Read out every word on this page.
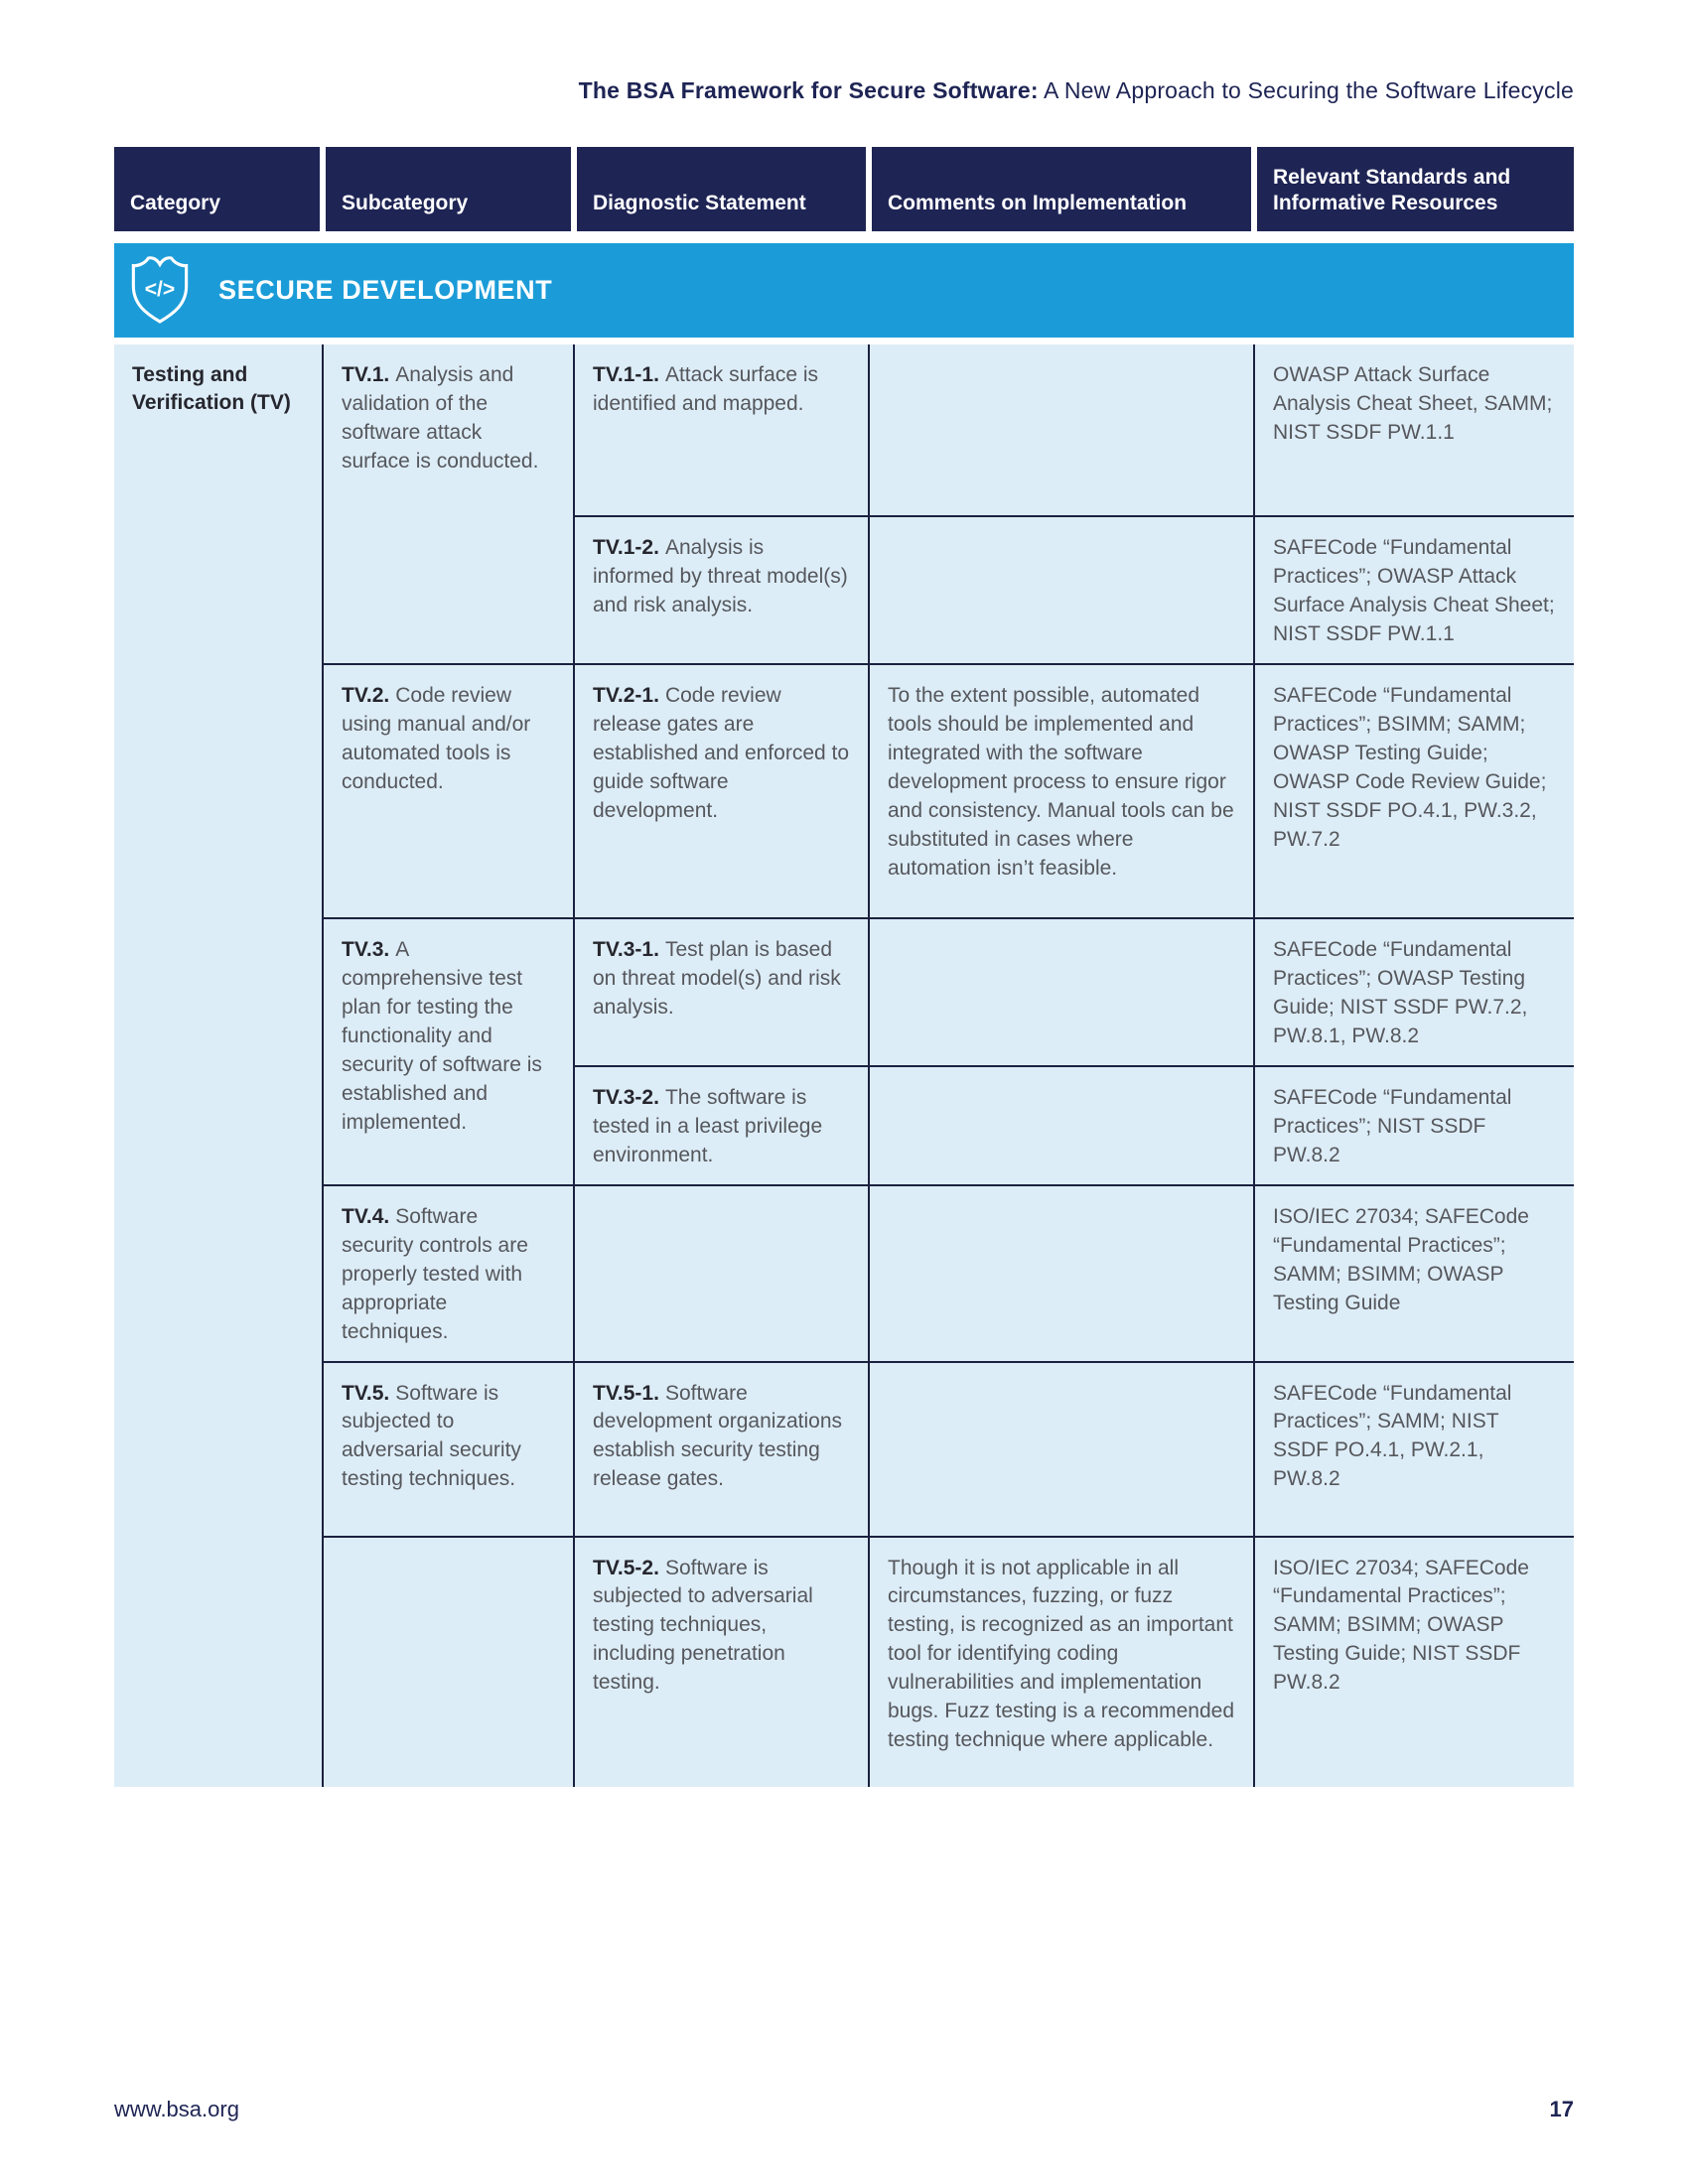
The BSA Framework for Secure Software: A New Approach to Securing the Software Lifecycle
Category	Subcategory	Diagnostic Statement	Comments on Implementation	Relevant Standards and Informative Resources
</> SECURE DEVELOPMENT
Testing and Verification (TV)	TV.1. Analysis and validation of the software attack surface is conducted.	TV.1-1. Attack surface is identified and mapped.		OWASP Attack Surface Analysis Cheat Sheet, SAMM; NIST SSDF PW.1.1
		TV.1-2. Analysis is informed by threat model(s) and risk analysis.		SAFECode “Fundamental Practices”; OWASP Attack Surface Analysis Cheat Sheet; NIST SSDF PW.1.1
	TV.2. Code review using manual and/or automated tools is conducted.	TV.2-1. Code review release gates are established and enforced to guide software development.	To the extent possible, automated tools should be implemented and integrated with the software development process to ensure rigor and consistency. Manual tools can be substituted in cases where automation isn’t feasible.	SAFECode “Fundamental Practices”; BSIMM; SAMM; OWASP Testing Guide; OWASP Code Review Guide; NIST SSDF PO.4.1, PW.3.2, PW.7.2
	TV.3. A comprehensive test plan for testing the functionality and security of software is established and implemented.	TV.3-1. Test plan is based on threat model(s) and risk analysis.		SAFECode “Fundamental Practices”; OWASP Testing Guide; NIST SSDF PW.7.2, PW.8.1, PW.8.2
		TV.3-2. The software is tested in a least privilege environment.		SAFECode “Fundamental Practices”; NIST SSDF PW.8.2
	TV.4. Software security controls are properly tested with appropriate techniques.			ISO/IEC 27034; SAFECode “Fundamental Practices”; SAMM; BSIMM; OWASP Testing Guide
	TV.5. Software is subjected to adversarial security testing techniques.	TV.5-1. Software development organizations establish security testing release gates.		SAFECode “Fundamental Practices”; SAMM; NIST SSDF PO.4.1, PW.2.1, PW.8.2
		TV.5-2. Software is subjected to adversarial testing techniques, including penetration testing.	Though it is not applicable in all circumstances, fuzzing, or fuzz testing, is recognized as an important tool for identifying coding vulnerabilities and implementation bugs. Fuzz testing is a recommended testing technique where applicable.	ISO/IEC 27034; SAFECode “Fundamental Practices”; SAMM; BSIMM; OWASP Testing Guide; NIST SSDF PW.8.2
www.bsa.org	17
